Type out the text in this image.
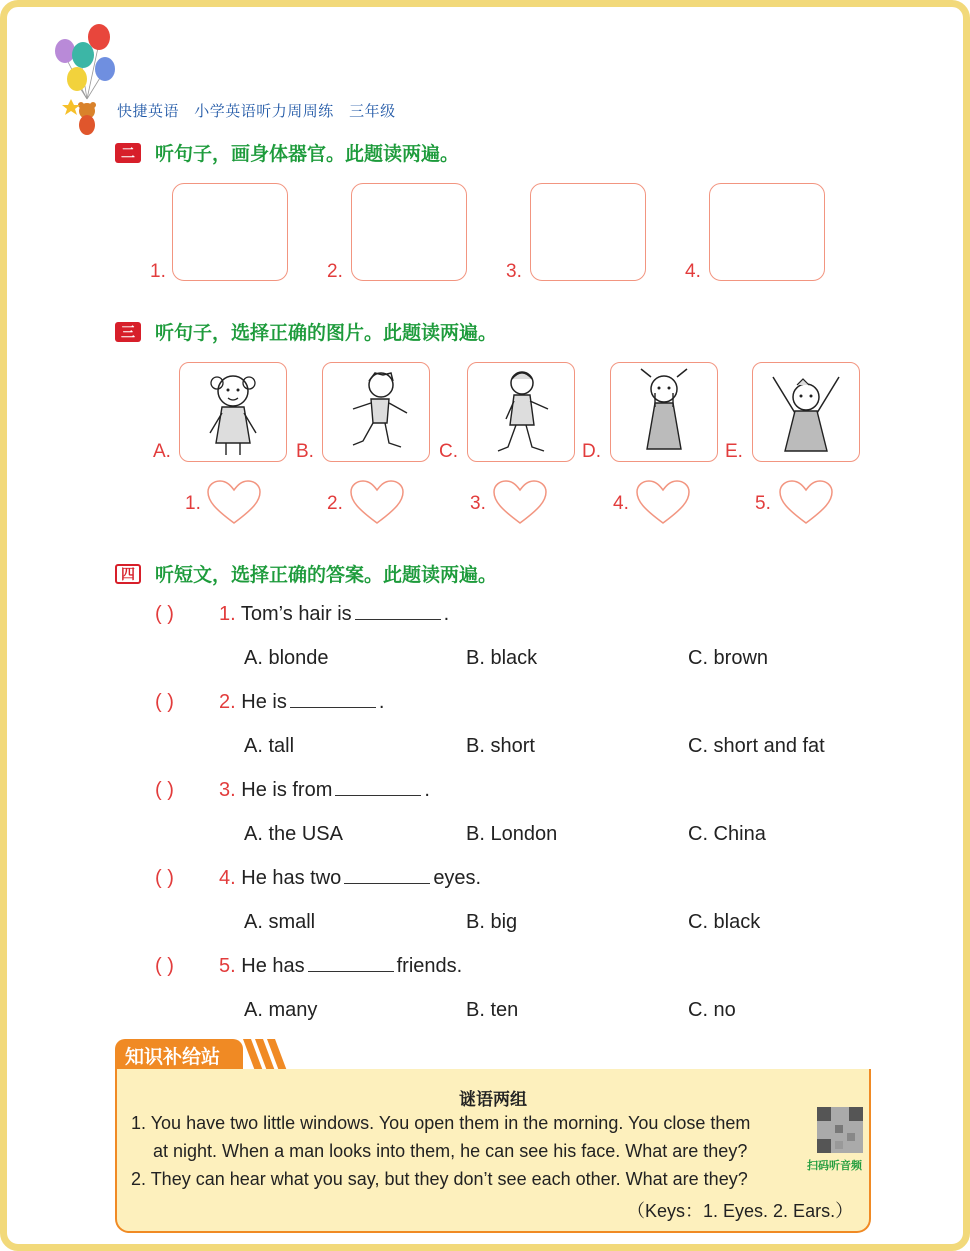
快捷英语 小学英语听力周周练 三年级
二	听句子，画身体器官。此题读两遍。
1.	2.	3.	4.
三	听句子，选择正确的图片。此题读两遍。
A.	B.	C.	D.	E.
1.	2.	3.	4.	5.
四	听短文，选择正确的答案。此题读两遍。
( ) 1. Tom’s hair is	.
A. blonde	B. black	C. brown
( ) 2. He is	.
A. tall	B. short	C. short and fat
( ) 3. He is from	.
A. the USA	B. London	C. China
( ) 4. He has two	eyes.
A. small	B. big	C. black
( ) 5. He has	friends.
A. many	B. ten	C. no
知识补给站
谜语两组
1. You have two little windows. You open them in the morning. You close them
at night. When a man looks into them, he can see his face. What are they?
2. They can hear what you say, but they don’t see each other. What are they?
（Keys：1. Eyes. 2. Ears.）
扫码听音频
